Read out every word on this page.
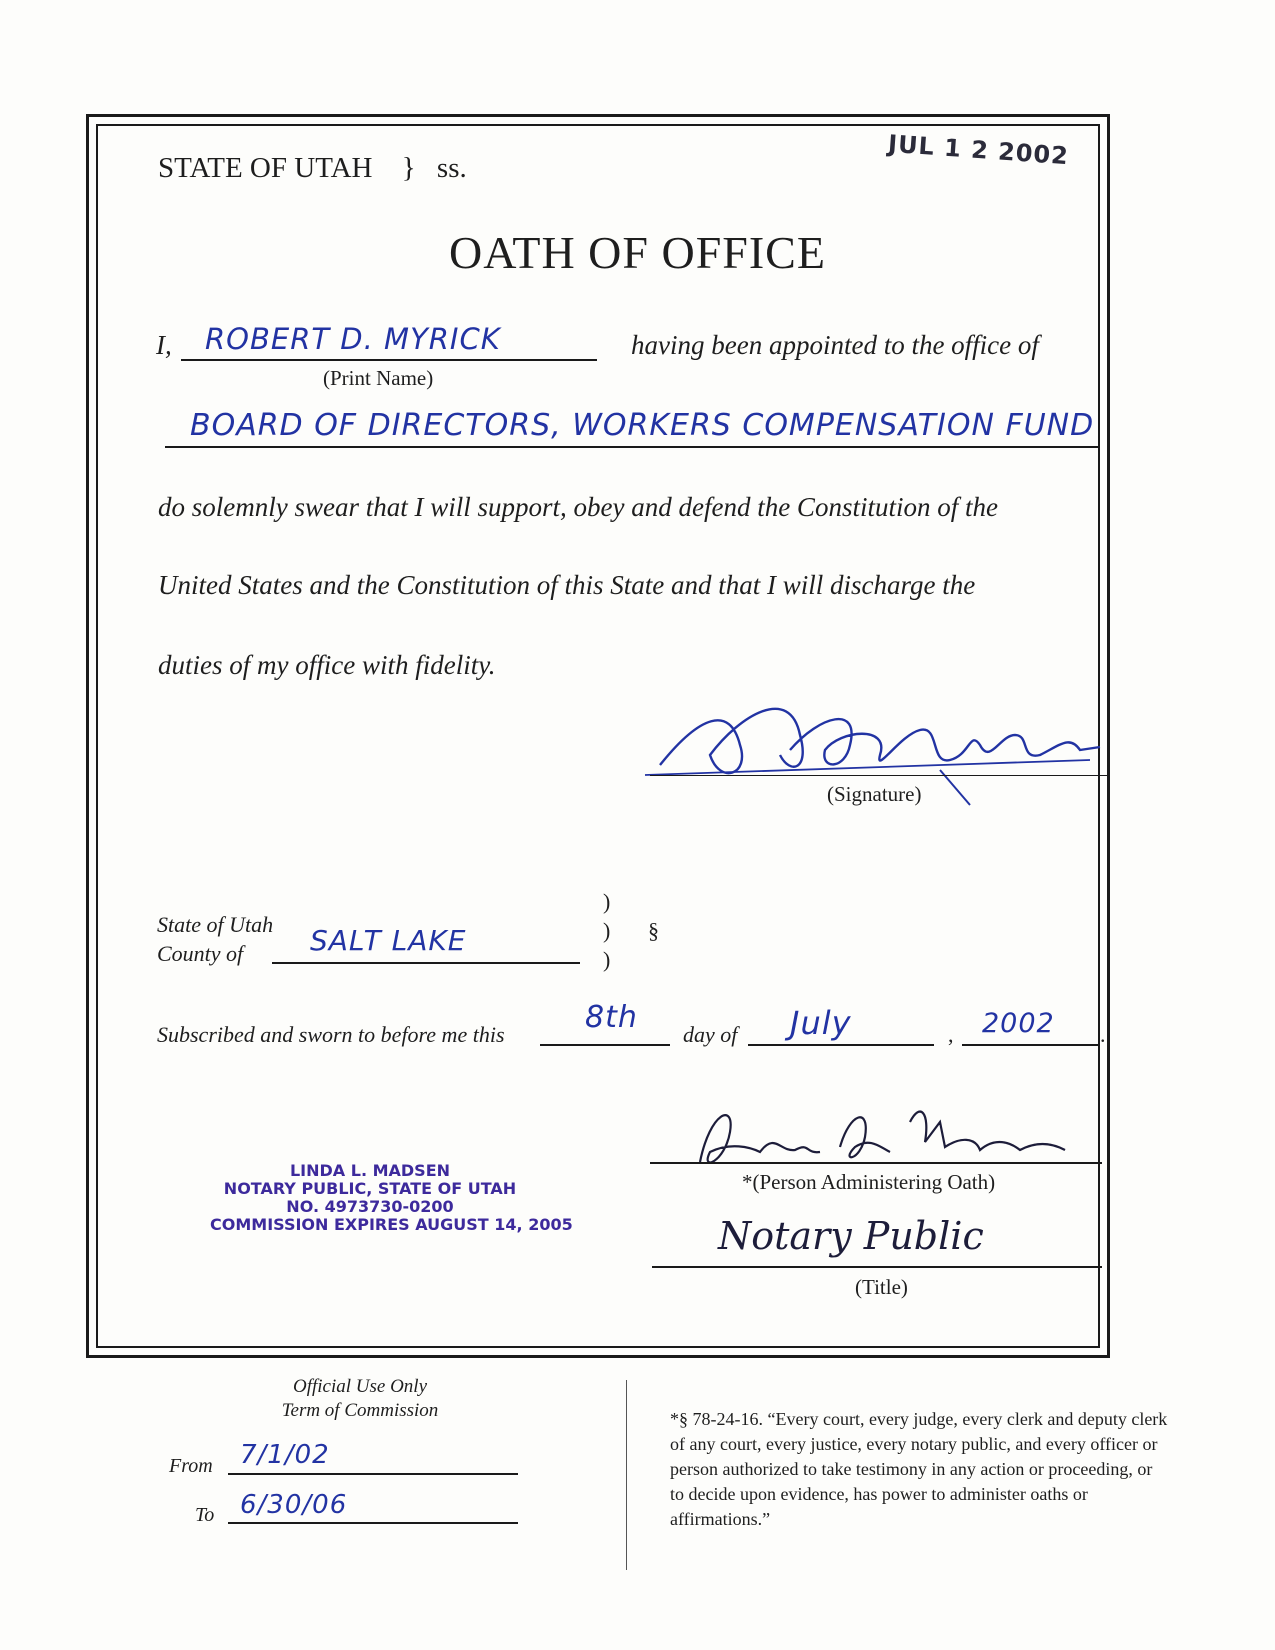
STATE OF UTAH } ss.	JUL 1 2 2002
OATH OF OFFICE
I, ROBERT D. MYRICK
(Print Name)
having been appointed to the office of
BOARD OF DIRECTORS, WORKERS COMPENSATION FUND
do solemnly swear that I will support, obey and defend the Constitution of the
United States and the Constitution of this State and that I will discharge the
duties of my office with fidelity.
(Signature)
State of Utah
County of SALT LAKE
)
)
)
§
Subscribed and sworn to before me this	8th day of July	, 2002 .
*(Person Administering Oath)
Notary Public
(Title)
LINDA L. MADSEN
NOTARY PUBLIC, STATE OF UTAH
NO. 4973730-0200
COMMISSION EXPIRES AUGUST 14, 2005
Official Use Only
Term of Commission
From 7/1/02
To 6/30/06
*§ 78-24-16. “Every court, every judge, every clerk and deputy clerk of any court, every justice, every notary public, and every officer or person authorized to take testimony in any action or proceeding, or to decide upon evidence, has power to administer oaths or affirmations.”
